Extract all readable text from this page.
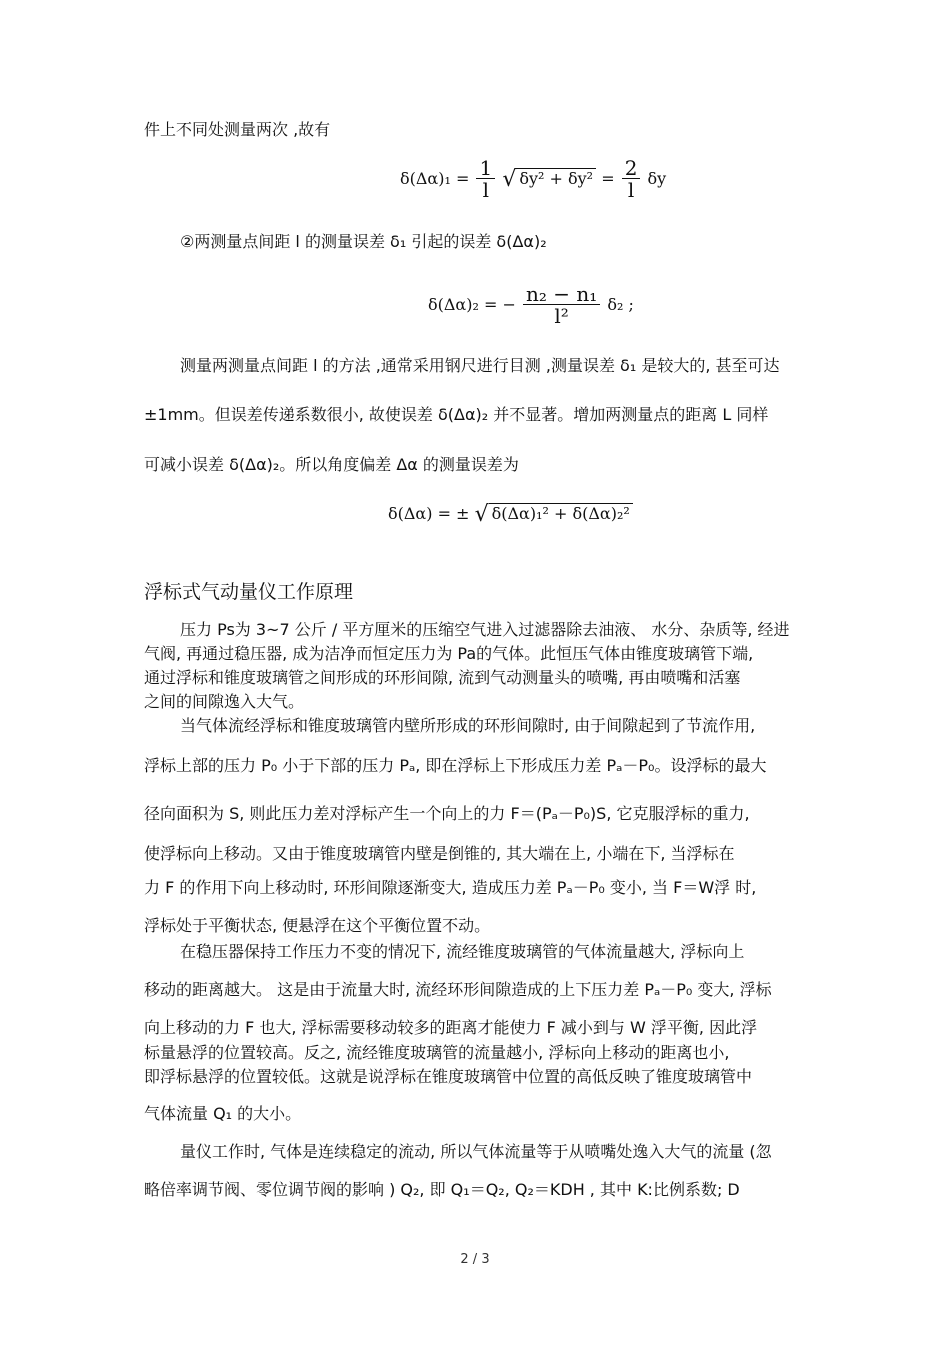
件上不同处测量两次 ,故有
$\delta(\Delta\alpha)_1 = \frac{1}{l}$ √ $\delta y^2 + \delta y^2 = \frac{2}{l}$ δy
②两测量点间距 l 的测量误差 δ₁ 引起的误差 δ(Δα)₂
δ(Δα)₂ = − $\frac{\text{n₂ − n₁}}{\text{l²}} \delta_2$ ;
测量两测量点间距 l 的方法 ,通常采用钢尺进行目测 ,测量误差 δ₁ 是较大的, 甚至可达
±1mm。但误差传递系数很小, 故使误差 δ(Δα)₂ 并不显著。增加两测量点的距离 L 同样
可减小误差 δ(Δα)₂。所以角度偏差 Δα 的测量误差为
δ(Δα) = ± √ δ(Δα)₁² + δ(Δα)₂²
浮标式气动量仪工作原理
压力 Ps为 3~7 公斤 / 平方厘米的压缩空气进入过滤器除去油液、 水分、杂质等, 经进
气阀, 再通过稳压器, 成为洁净而恒定压力为 Pa的气体。此恒压气体由锥度玻璃管下端,
通过浮标和锥度玻璃管之间形成的环形间隙, 流到气动测量头的喷嘴, 再由喷嘴和活塞
之间的间隙逸入大气。
当气体流经浮标和锥度玻璃管内壁所形成的环形间隙时, 由于间隙起到了节流作用,
浮标上部的压力 P₀ 小于下部的压力 Pₐ, 即在浮标上下形成压力差 Pₐ－P₀。设浮标的最大
径向面积为 S, 则此压力差对浮标产生一个向上的力 F＝(Pₐ－P₀)S, 它克服浮标的重力,
使浮标向上移动。又由于锥度玻璃管内壁是倒锥的, 其大端在上, 小端在下, 当浮标在
力 F 的作用下向上移动时, 环形间隙逐渐变大, 造成压力差 Pₐ－P₀ 变小, 当 F＝W浮 时,
浮标处于平衡状态, 便悬浮在这个平衡位置不动。
在稳压器保持工作压力不变的情况下, 流经锥度玻璃管的气体流量越大, 浮标向上
移动的距离越大。 这是由于流量大时, 流经环形间隙造成的上下压力差 Pₐ－P₀ 变大, 浮标
向上移动的力 F 也大, 浮标需要移动较多的距离才能使力 F 减小到与 W 浮平衡, 因此浮
标量悬浮的位置较高。反之, 流经锥度玻璃管的流量越小, 浮标向上移动的距离也小,
即浮标悬浮的位置较低。这就是说浮标在锥度玻璃管中位置的高低反映了锥度玻璃管中
气体流量 Q₁ 的大小。
量仪工作时, 气体是连续稳定的流动, 所以气体流量等于从喷嘴处逸入大气的流量 (忽
略倍率调节阀、零位调节阀的影响 ) Q₂, 即 Q₁＝Q₂, Q₂＝KDH , 其中 K:比例系数; D
2 / 3
